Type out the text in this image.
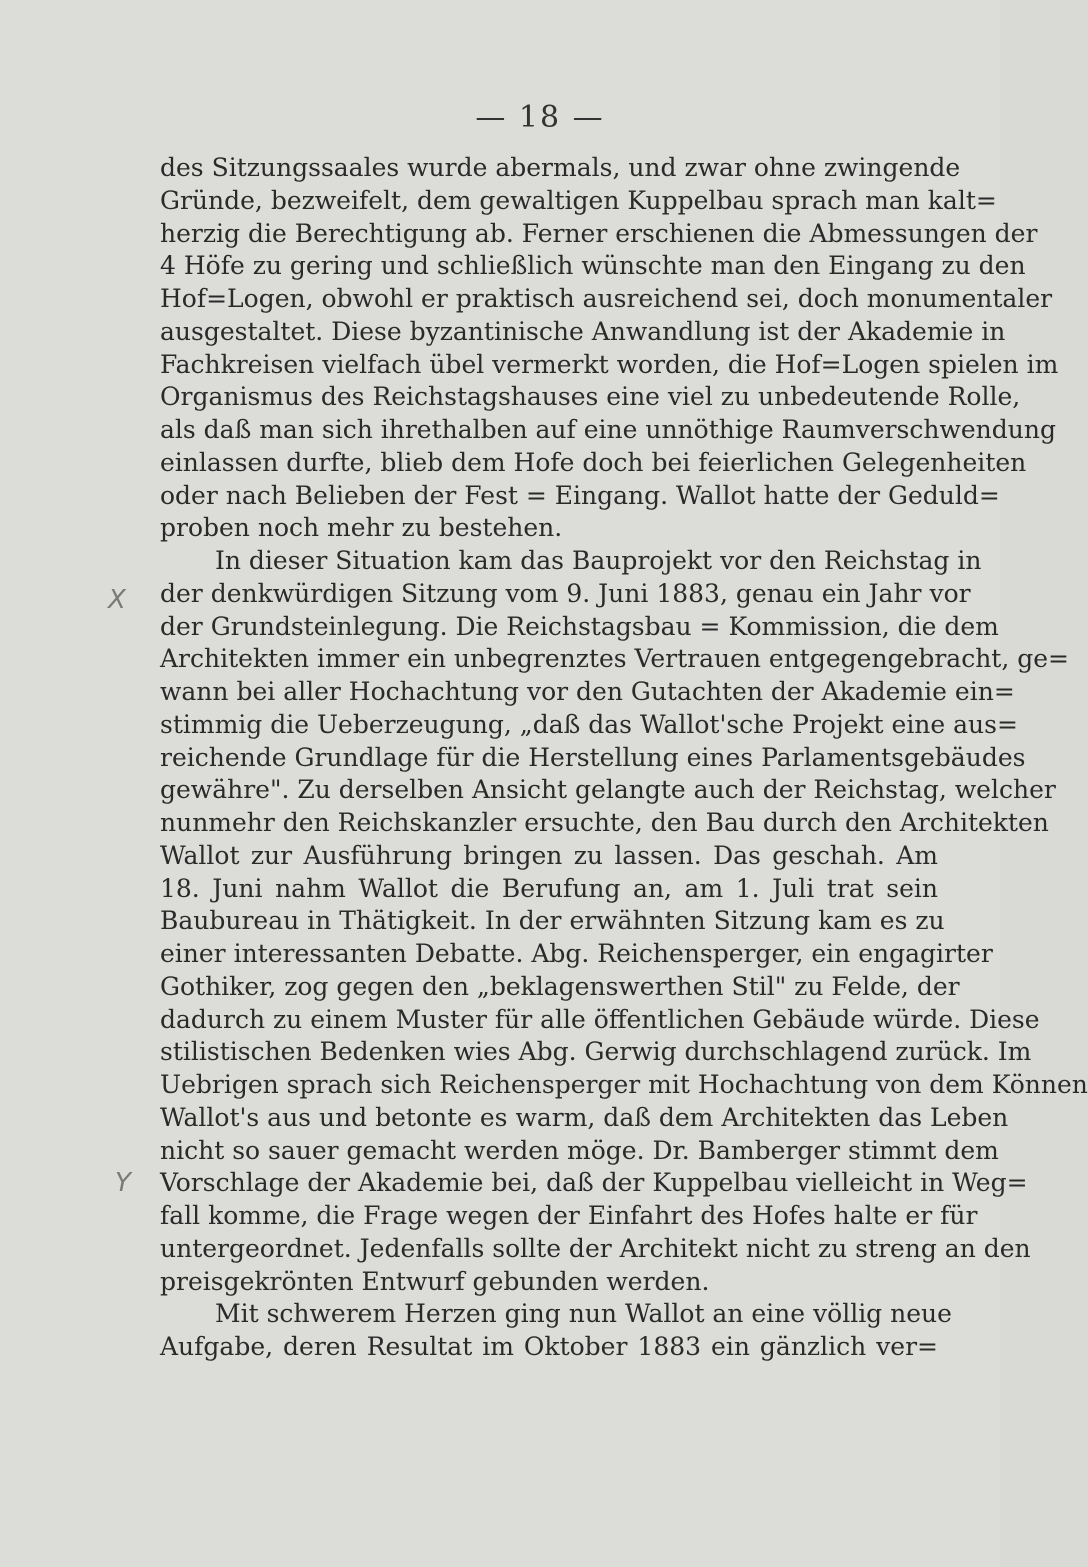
— 18 —
X
Y
des Sitzungssaales wurde abermals, und zwar ohne zwingende
Gründe, bezweifelt, dem gewaltigen Kuppelbau sprach man kalt=
herzig die Berechtigung ab. Ferner erschienen die Abmessungen der
4 Höfe zu gering und schließlich wünschte man den Eingang zu den
Hof=Logen, obwohl er praktisch ausreichend sei, doch monumentaler
ausgestaltet. Diese byzantinische Anwandlung ist der Akademie in
Fachkreisen vielfach übel vermerkt worden, die Hof=Logen spielen im
Organismus des Reichstagshauses eine viel zu unbedeutende Rolle,
als daß man sich ihrethalben auf eine unnöthige Raumverschwendung
einlassen durfte, blieb dem Hofe doch bei feierlichen Gelegenheiten
oder nach Belieben der Fest = Eingang. Wallot hatte der Geduld=
proben noch mehr zu bestehen.
In dieser Situation kam das Bauprojekt vor den Reichstag in
der denkwürdigen Sitzung vom 9. Juni 1883, genau ein Jahr vor
der Grundsteinlegung. Die Reichstagsbau = Kommission, die dem
Architekten immer ein unbegrenztes Vertrauen entgegengebracht, ge=
wann bei aller Hochachtung vor den Gutachten der Akademie ein=
stimmig die Ueberzeugung, „daß das Wallot'sche Projekt eine aus=
reichende Grundlage für die Herstellung eines Parlamentsgebäudes
gewähre". Zu derselben Ansicht gelangte auch der Reichstag, welcher
nunmehr den Reichskanzler ersuchte, den Bau durch den Architekten
Wallot zur Ausführung bringen zu lassen. Das geschah. Am
18. Juni nahm Wallot die Berufung an, am 1. Juli trat sein
Baubureau in Thätigkeit. In der erwähnten Sitzung kam es zu
einer interessanten Debatte. Abg. Reichensperger, ein engagirter
Gothiker, zog gegen den „beklagenswerthen Stil" zu Felde, der
dadurch zu einem Muster für alle öffentlichen Gebäude würde. Diese
stilistischen Bedenken wies Abg. Gerwig durchschlagend zurück. Im
Uebrigen sprach sich Reichensperger mit Hochachtung von dem Können
Wallot's aus und betonte es warm, daß dem Architekten das Leben
nicht so sauer gemacht werden möge. Dr. Bamberger stimmt dem
Vorschlage der Akademie bei, daß der Kuppelbau vielleicht in Weg=
fall komme, die Frage wegen der Einfahrt des Hofes halte er für
untergeordnet. Jedenfalls sollte der Architekt nicht zu streng an den
preisgekrönten Entwurf gebunden werden.
Mit schwerem Herzen ging nun Wallot an eine völlig neue
Aufgabe, deren Resultat im Oktober 1883 ein gänzlich ver=
